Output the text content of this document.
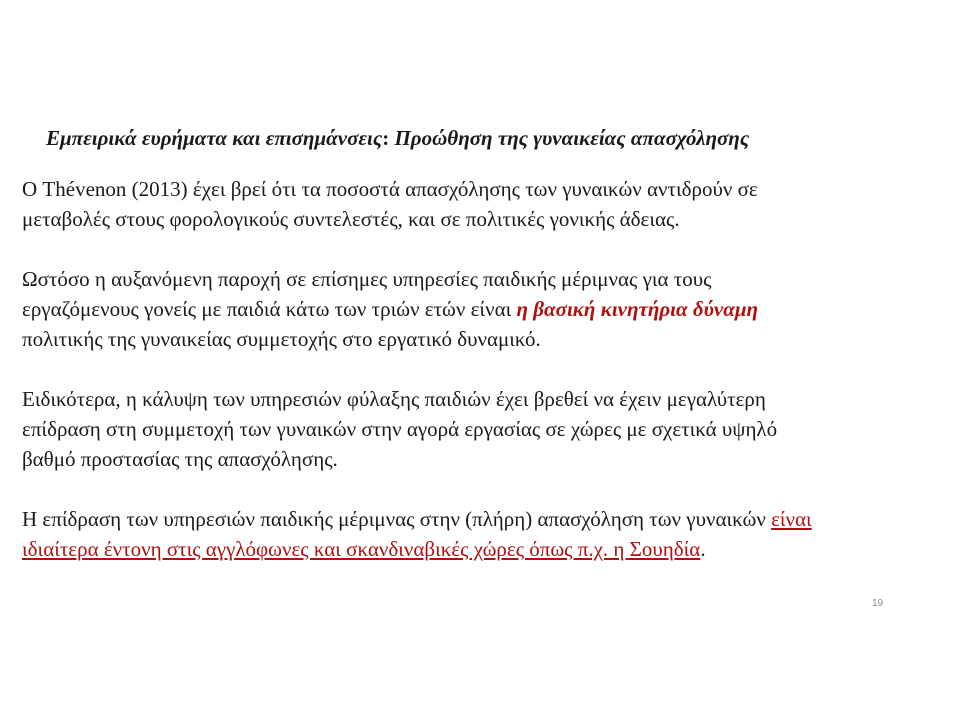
Εμπειρικά ευρήματα και επισημάνσεις: Προώθηση της γυναικείας απασχόλησης

Ο Thévenon (2013) έχει βρεί ότι τα ποσοστά απασχόλησης των γυναικών αντιδρούν σε
μεταβολές στους φορολογικούς συντελεστές, και σε πολιτικές γονικής άδειας.

Ωστόσο η αυξανόμενη παροχή σε επίσημες υπηρεσίες παιδικής μέριμνας για τους
εργαζόμενους γονείς με παιδιά κάτω των τριών ετών είναι η βασική κινητήρια δύναμη
πολιτικής της γυναικείας συμμετοχής στο εργατικό δυναμικό.

Ειδικότερα, η κάλυψη των υπηρεσιών φύλαξης παιδιών έχει βρεθεί να έχειν μεγαλύτερη
επίδραση στη συμμετοχή των γυναικών στην αγορά εργασίας σε χώρες με σχετικά υψηλό
βαθμό προστασίας της απασχόλησης.

Η επίδραση των υπηρεσιών παιδικής μέριμνας στην (πλήρη) απασχόληση των γυναικών είναι
ιδιαίτερα έντονη στις αγγλόφωνες και σκανδιναβικές χώρες όπως π.χ. η Σουηδία.

19
